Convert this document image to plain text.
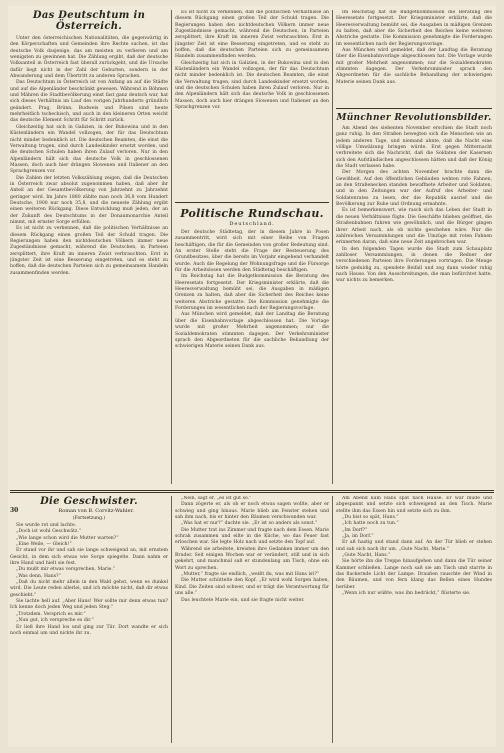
Das Deutschtum in Österreich.

Unter den österreichischen Nationalitäten, die gegenwärtig in den Körperschaften und Gemeinden ihre Rechte suchen, ist das deutsche Volk dasjenige, das am meisten zu verlieren und am wenigsten zu gewinnen hat. Die Zählung ergibt, daß der deutsche Volksanteil in Österreich fast überall zurückgeht, und die Ursache dafür liegt nicht in der Zahl der Geburten, sondern in der Abwanderung und dem Übertritt zu anderen Sprachen.

Das Deutschtum in Österreich ist von Anfang an auf die Städte und auf die Alpenländer beschränkt gewesen. Während in Böhmen und Mähren die Stadtbevölkerung einst fast ganz deutsch war, hat sich dieses Verhältnis im Lauf des vorigen Jahrhunderts gründlich geändert. Prag, Brünn, Budweis und Pilsen sind heute mehrheitlich tschechisch, und auch in den kleineren Orten weicht das deutsche Element Schritt für Schritt zurück.

Gleichzeitig hat sich in Galizien, in der Bukowina und in den Küstenländern ein Wandel vollzogen, der für das Deutschtum nicht minder bedenklich ist. Die deutschen Beamten, die einst die Verwaltung trugen, sind durch Landeskinder ersetzt worden, und die deutschen Schulen haben ihren Zulauf verloren. Nur in den Alpenländern hält sich das deutsche Volk in geschlossenen Massen, doch auch hier drängen Slowenen und Italiener an den Sprachgrenzen vor.

Die Zahlen der letzten Volkszählung zeigen, daß die Deutschen in Österreich zwar absolut zugenommen haben, daß aber ihr Anteil an der Gesamtbevölkerung von Jahrzehnt zu Jahrzehnt geringer wird. Im Jahre 1880 zählte man noch 36,8 vom Hundert Deutsche, 1900 nur noch 35,8, und die neueste Zählung ergibt einen weiteren Rückgang. Diese Entwicklung muß jeden, der an der Zukunft des Deutschtums in der Donaumonarchie Anteil nimmt, mit ernster Sorge erfüllen.

Es ist nicht zu verkennen, daß die politischen Verhältnisse an diesem Rückgang einen großen Teil der Schuld tragen. Die Regierungen haben den nichtdeutschen Völkern immer neue Zugeständnisse gemacht, während die Deutschen, in Parteien zersplittert, ihre Kraft im inneren Zwist verbrauchten. Erst in jüngster Zeit ist eine Besserung eingetreten, und es steht zu hoffen, daß die deutschen Parteien sich zu gemeinsamem Handeln zusammenfinden werden.

Es ist nicht zu verkennen, daß die politischen Verhältnisse an diesem Rückgang einen großen Teil der Schuld tragen. Die Regierungen haben den nichtdeutschen Völkern immer neue Zugeständnisse gemacht, während die Deutschen, in Parteien zersplittert, ihre Kraft im inneren Zwist verbrauchten. Erst in jüngster Zeit ist eine Besserung eingetreten, und es steht zu hoffen, daß die deutschen Parteien sich zu gemeinsamem Handeln zusammenfinden werden.

Gleichzeitig hat sich in Galizien, in der Bukowina und in den Küstenländern ein Wandel vollzogen, der für das Deutschtum nicht minder bedenklich ist. Die deutschen Beamten, die einst die Verwaltung trugen, sind durch Landeskinder ersetzt worden, und die deutschen Schulen haben ihren Zulauf verloren. Nur in den Alpenländern hält sich das deutsche Volk in geschlossenen Massen, doch auch hier drängen Slowenen und Italiener an den Sprachgrenzen vor.

Politische Rundschau.
Deutschland.

Der deutsche Städtetag, der in diesem Jahre in Posen zusammentritt, wird sich mit einer Reihe von Fragen beschäftigen, die für die Gemeinden von großer Bedeutung sind. An erster Stelle steht die Frage der Besteuerung des Grundbesitzes, über die bereits im Vorjahr eingehend verhandelt wurde. Auch die Regelung der Wohnungsfrage und die Fürsorge für die Arbeitslosen werden den Städtetag beschäftigen.

Im Reichstag hat die Budgetkommission die Beratung des Heeresetats fortgesetzt. Der Kriegsminister erklärte, daß die Heeresverwaltung bemüht sei, die Ausgaben in mäßigen Grenzen zu halten, daß aber die Sicherheit des Reiches keine weiteren Abstriche gestatte. Die Kommission genehmigte die Forderungen im wesentlichen nach der Regierungsvorlage.

Aus München wird gemeldet, daß der Landtag die Beratung über die Eisenbahnvorlage abgeschlossen hat. Die Vorlage wurde mit großer Mehrheit angenommen; nur die Sozialdemokraten stimmten dagegen. Der Verkehrsminister sprach den Abgeordneten für die sachliche Behandlung der schwierigen Materie seinen Dank aus.

Im Reichstag hat die Budgetkommission die Beratung des Heeresetats fortgesetzt. Der Kriegsminister erklärte, daß die Heeresverwaltung bemüht sei, die Ausgaben in mäßigen Grenzen zu halten, daß aber die Sicherheit des Reiches keine weiteren Abstriche gestatte. Die Kommission genehmigte die Forderungen im wesentlichen nach der Regierungsvorlage.

Aus München wird gemeldet, daß der Landtag die Beratung über die Eisenbahnvorlage abgeschlossen hat. Die Vorlage wurde mit großer Mehrheit angenommen; nur die Sozialdemokraten stimmten dagegen. Der Verkehrsminister sprach den Abgeordneten für die sachliche Behandlung der schwierigen Materie seinen Dank aus.

Münchner Revolutionsbilder.

Am Abend des siebenten November erschien die Stadt noch ganz ruhig. In den Straßen bewegten sich die Menschen wie an jedem anderen Tage, und niemand ahnte, daß die Nacht eine völlige Umwälzung bringen würde. Erst gegen Mitternacht verbreitete sich die Nachricht, daß die Soldaten der Kasernen sich den Aufständischen angeschlossen hätten und daß der König die Stadt verlassen habe.

Der Morgen des achten November brachte dann die Gewißheit. Auf den öffentlichen Gebäuden wehten rote Fahnen, an den Straßenecken standen bewaffnete Arbeiter und Soldaten, und in den Zeitungen war der Aufruf des Arbeiter- und Soldatenrates zu lesen, der die Republik ausrief und die Bevölkerung zur Ruhe und Ordnung ermahnte.

Es ist bemerkenswert, wie rasch sich das Leben der Stadt in die neuen Verhältnisse fügte. Die Geschäfte blieben geöffnet, die Straßenbahnen fuhren wie gewöhnlich, und die Bürger gingen ihrer Arbeit nach, als ob nichts geschehen wäre. Nur die zahlreichen Versammlungen und die Umzüge mit roten Fahnen erinnerten daran, daß eine neue Zeit angebrochen war.

In den folgenden Tagen wurde die Stadt zum Schauplatz zahlloser Versammlungen, in denen die Redner der verschiedenen Parteien ihre Forderungen vortrugen. Die Menge hörte geduldig zu, spendete Beifall und zog dann wieder ruhig nach Hause. Von den Ausschreitungen, die man befürchtet hatte, war nichts zu bemerken.

Die Geschwister.
30	Roman von B. Corvitz-Wahler.
(Fortsetzung.)

Sie wurde rot und lachte.

„Doch ist wohl Geschwätz.“

„Wie lange schon wird die Mutter warten?“

„Eine Weile, — Gleich!“

Er stand vor ihr und sah sie lange schweigend an, mit ernstem Gesicht, in dem sich etwas wie Sorge spiegelte. Dann nahm er ihre Hand und hielt sie fest.

„Du mußt mir etwas versprechen, Marie.“

„Was denn, Hans?“

„Daß du nicht mehr allein in den Wald gehst, wenn es dunkel wird. Die Leute reden allerlei, und ich möchte nicht, daß dir etwas geschieht.“

Sie lachte hell auf. „Aber Hans! Wer sollte mir denn etwas tun? Ich kenne doch jeden Weg und jeden Steg.“

„Trotzdem. Versprich es mir.“

„Nun gut, ich verspreche es dir.“

Er ließ ihre Hand los und ging zur Tür. Dort wandte er sich noch einmal um und nickte ihr zu.

„Nein, sagt er, „es ist gut so.“

Dann zögerte er, als ob er noch etwas sagen wollte, aber er schwieg und ging hinaus. Marie blieb am Fenster stehen und sah ihm nach, bis er hinter den Bäumen verschwunden war.

„Was hat er nur?“ dachte sie. „Er ist so anders als sonst.“

Die Mutter trat ins Zimmer und fragte nach dem Essen. Marie schrak zusammen und eilte in die Küche, wo das Feuer fast erloschen war. Sie legte Holz nach und setzte den Topf auf.

Während sie arbeitete, kreisten ihre Gedanken immer um den Bruder. Seit einigen Wochen war er verändert, still und in sich gekehrt, und manchmal saß er stundenlang am Tisch, ohne ein Wort zu sprechen.

„Mutter,“ fragte sie endlich, „weißt du, was mit Hans ist?“

Die Mutter schüttelte den Kopf. „Er wird wohl Sorgen haben, Kind. Die Zeiten sind schwer, und er trägt die Verantwortung für uns alle.“

Das leuchtete Marie ein, und sie fragte nicht weiter.

Am Abend kam Hans spät nach Hause. Er war müde und abgespannt und setzte sich schweigend an den Tisch. Marie stellte ihm das Essen hin und setzte sich zu ihm.

„Du bist so spät, Hans.“

„Ich hatte noch zu tun.“

„Im Dorf?“

„Ja, im Dorf.“

Er aß hastig und stand dann auf. An der Tür blieb er stehen und sah sich nach ihr um. „Gute Nacht, Marie.“

„Gute Nacht, Hans.“

Sie hörte ihn die Treppe hinaufgehen und dann die Tür seiner Kammer schließen. Lange noch saß sie am Tisch und starrte in das flackernde Licht der Lampe. Draußen rauschte der Wind in den Bäumen, und von fern klang das Bellen eines Hundes herüber.

„Wenn ich nur wüßte, was ihn bedrückt,“ flüsterte sie.
